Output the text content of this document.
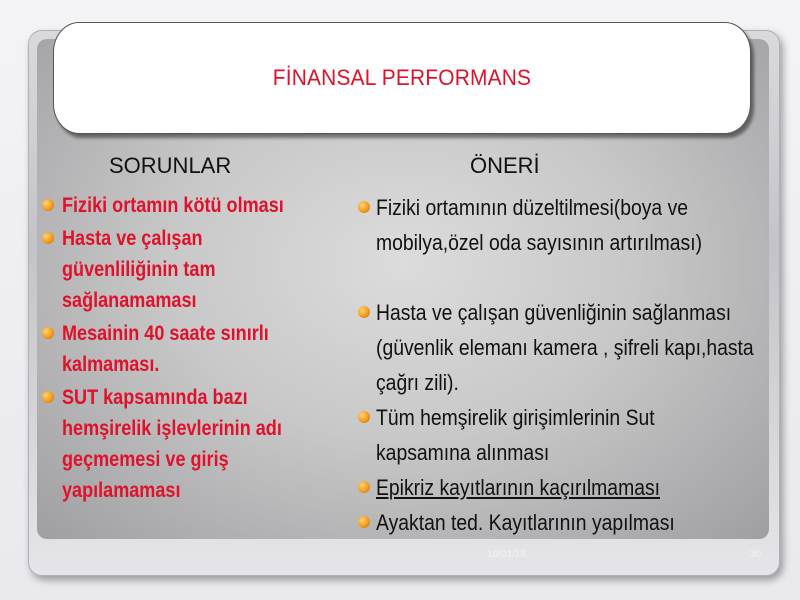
FİNANSAL PERFORMANS
SORUNLAR	ÖNERİ
Fiziki ortamın kötü olması
Hasta ve çalışan güvenliliğinin tam sağlanamaması
Mesainin 40 saate sınırlı kalmaması.
SUT kapsamında bazı hemşirelik işlevlerinin adı geçmemesi ve giriş yapılamaması
Fiziki ortamının düzeltilmesi(boya ve mobilya,özel oda sayısının artırılması)
Hasta ve çalışan güvenliğinin sağlanması (güvenlik elemanı kamera , şifreli kapı,hasta çağrı zili).
Tüm hemşirelik girişimlerinin Sut kapsamına alınması
Epikriz kayıtlarının kaçırılmaması
Ayaktan ted. Kayıtlarının yapılması
19/01/18	30
